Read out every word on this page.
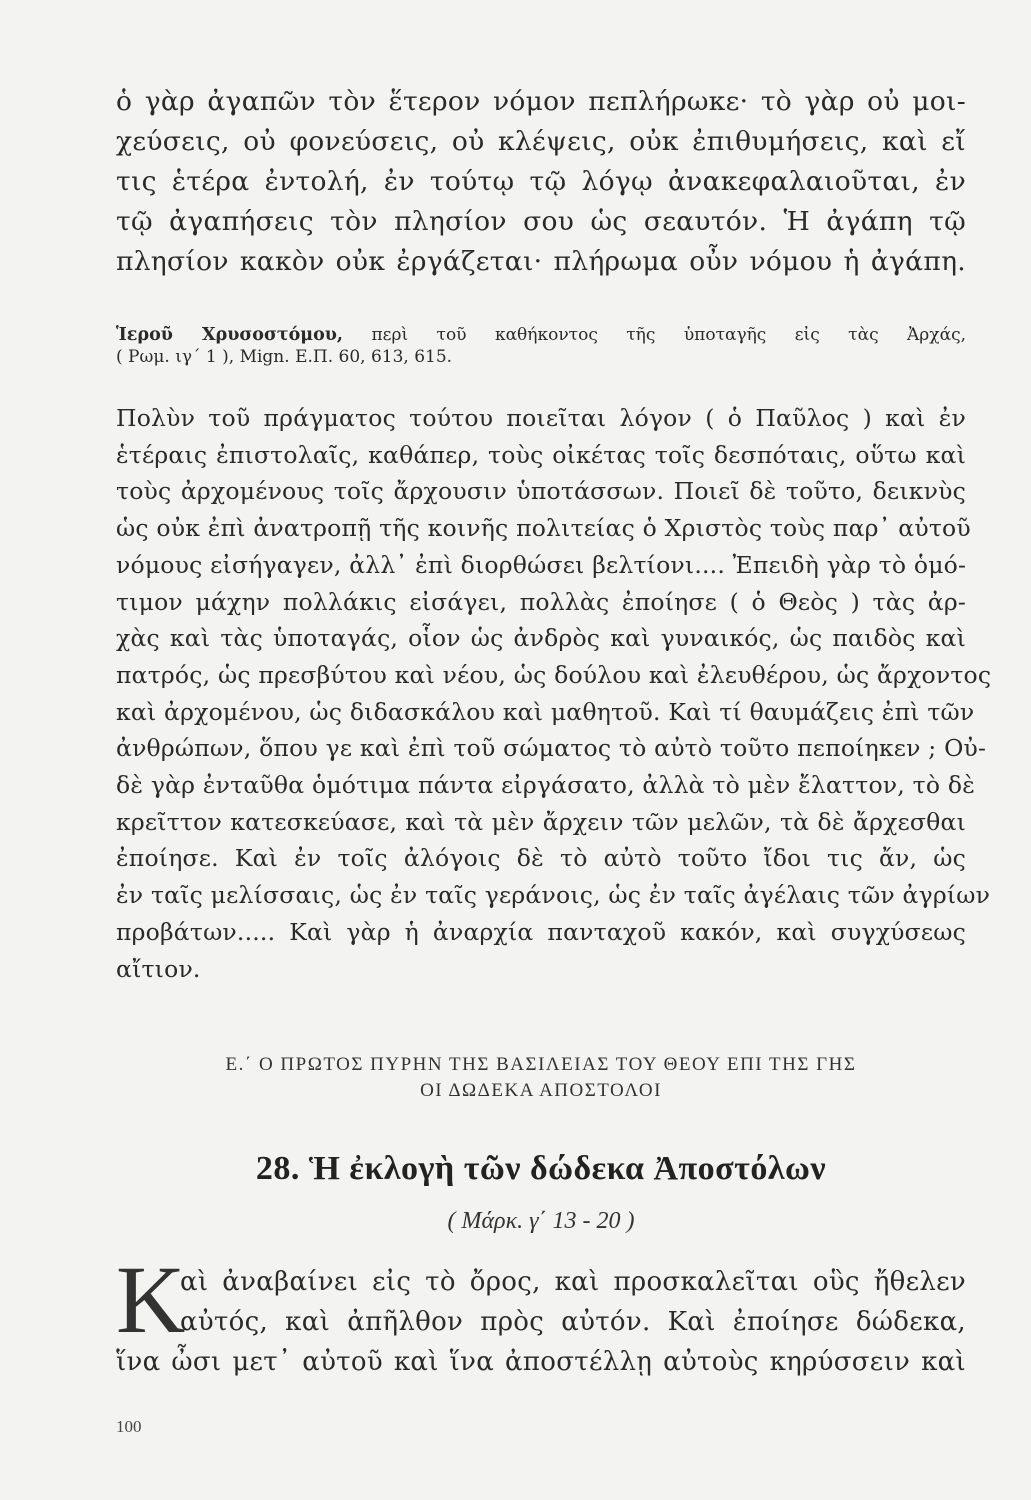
ὁ γὰρ ἀγαπῶν τὸν ἕτερον νόμον πεπλήρωκε· τὸ γὰρ οὐ μοι-
χεύσεις, οὐ φονεύσεις, οὐ κλέψεις, οὐκ ἐπιθυμήσεις, καὶ εἴ
τις ἑτέρα ἐντολή, ἐν τούτῳ τῷ λόγῳ ἀνακεφαλαιοῦται, ἐν
τῷ ἀγαπήσεις τὸν πλησίον σου ὡς σεαυτόν. Ἡ ἀγάπη τῷ
πλησίον κακὸν οὐκ ἐργάζεται· πλήρωμα οὖν νόμου ἡ ἀγάπη.
Ἱεροῦ Χρυσοστόμου, περὶ τοῦ καθήκοντος τῆς ὑποταγῆς εἰς τὰς Ἀρχάς,
( Ρωμ. ιγ΄ 1 ), Mign. E.Π. 60, 613, 615.
Πολὺν τοῦ πράγματος τούτου ποιεῖται λόγον ( ὁ Παῦλος ) καὶ ἐν
ἑτέραις ἐπιστολαῖς, καθάπερ, τοὺς οἰκέτας τοῖς δεσπόταις, οὕτω καὶ
τοὺς ἀρχομένους τοῖς ἄρχουσιν ὑποτάσσων. Ποιεῖ δὲ τοῦτο, δεικνὺς
ὡς οὐκ ἐπὶ ἀνατροπῇ τῆς κοινῆς πολιτείας ὁ Χριστὸς τοὺς παρ᾽ αὐτοῦ
νόμους εἰσήγαγεν, ἀλλ᾽ ἐπὶ διορθώσει βελτίονι.... Ἐπειδὴ γὰρ τὸ ὁμό-
τιμον μάχην πολλάκις εἰσάγει, πολλὰς ἐποίησε ( ὁ Θεὸς ) τὰς ἀρ-
χὰς καὶ τὰς ὑποταγάς, οἷον ὡς ἀνδρὸς καὶ γυναικός, ὡς παιδὸς καὶ
πατρός, ὡς πρεσβύτου καὶ νέου, ὡς δούλου καὶ ἐλευθέρου, ὡς ἄρχοντος
καὶ ἀρχομένου, ὡς διδασκάλου καὶ μαθητοῦ. Καὶ τί θαυμάζεις ἐπὶ τῶν
ἀνθρώπων, ὅπου γε καὶ ἐπὶ τοῦ σώματος τὸ αὐτὸ τοῦτο πεποίηκεν ; Οὐ-
δὲ γὰρ ἐνταῦθα ὁμότιμα πάντα εἰργάσατο, ἀλλὰ τὸ μὲν ἔλαττον, τὸ δὲ
κρεῖττον κατεσκεύασε, καὶ τὰ μὲν ἄρχειν τῶν μελῶν, τὰ δὲ ἄρχεσθαι
ἐποίησε. Καὶ ἐν τοῖς ἀλόγοις δὲ τὸ αὐτὸ τοῦτο ἴδοι τις ἄν, ὡς
ἐν ταῖς μελίσσαις, ὡς ἐν ταῖς γεράνοις, ὡς ἐν ταῖς ἀγέλαις τῶν ἀγρίων
προβάτων..... Καὶ γὰρ ἡ ἀναρχία πανταχοῦ κακόν, καὶ συγχύσεως
αἴτιον.
Ε.΄ Ο ΠΡΩΤΟΣ ΠΥΡΗΝ ΤΗΣ ΒΑΣΙΛΕΙΑΣ ΤΟΥ ΘΕΟΥ ΕΠΙ ΤΗΣ ΓΗΣ
ΟΙ ΔΩΔΕΚΑ ΑΠΟΣΤΟΛΟΙ
28. Ἡ ἐκλογὴ τῶν δώδεκα Ἀποστόλων
( Μάρκ. γ΄ 13 - 20 )
Κ
αὶ ἀναβαίνει εἰς τὸ ὄρος, καὶ προσκαλεῖται οὓς ἤθελεν
αὐτός, καὶ ἀπῆλθον πρὸς αὐτόν. Καὶ ἐποίησε δώδεκα,
ἵνα ὦσι μετ᾽ αὐτοῦ καὶ ἵνα ἀποστέλλῃ αὐτοὺς κηρύσσειν καὶ
100
